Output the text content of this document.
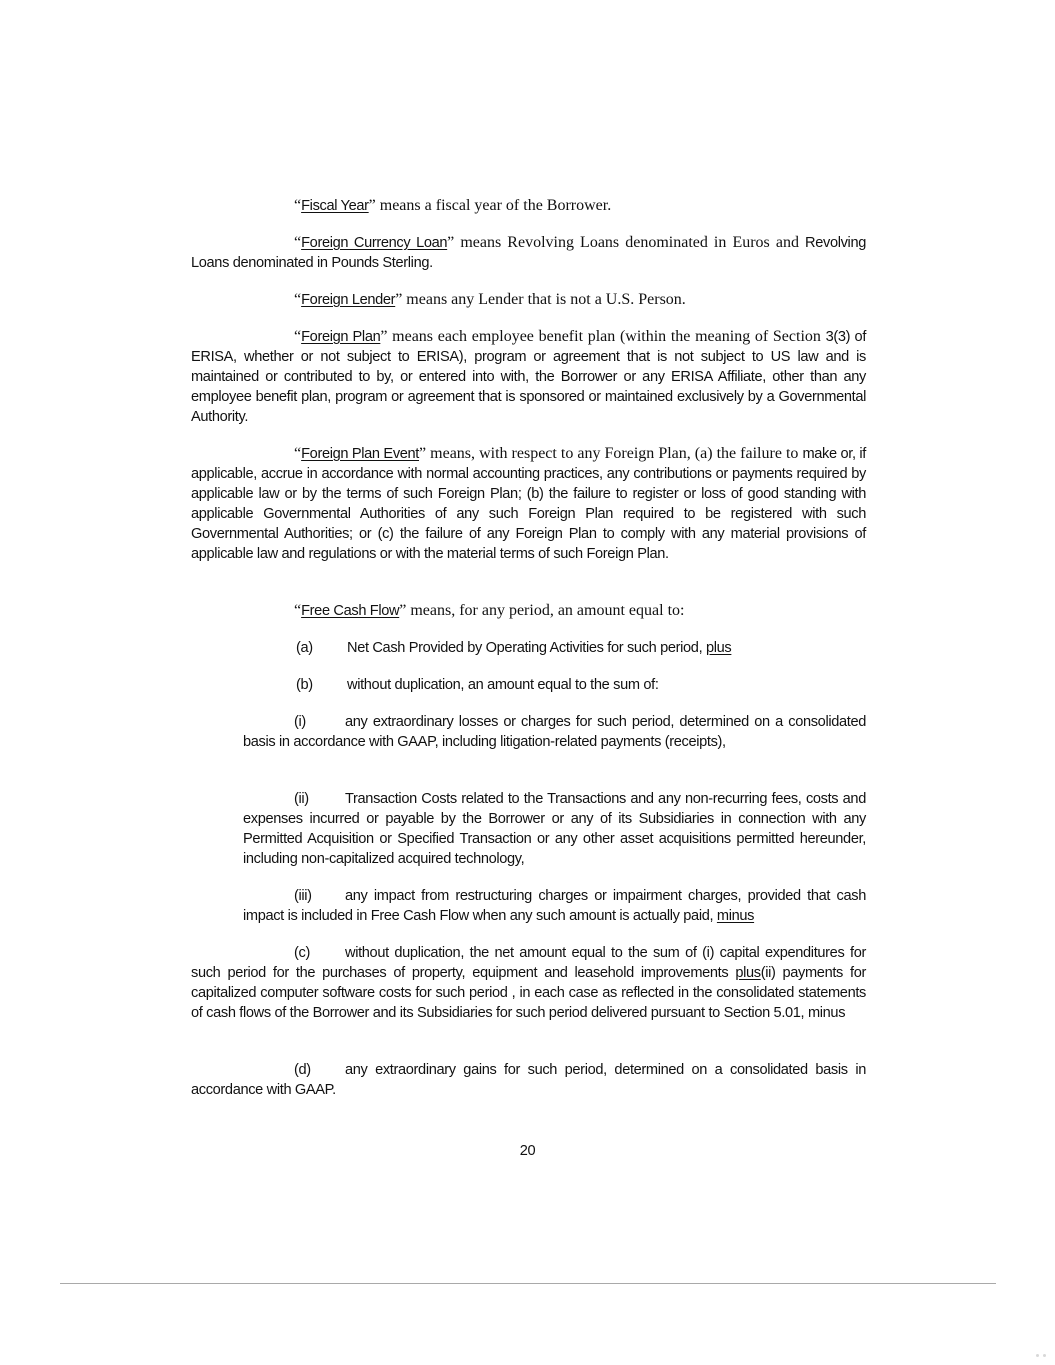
“Fiscal Year” means a fiscal year of the Borrower.

“Foreign Currency Loan” means Revolving Loans denominated in Euros and Revolving Loans denominated in Pounds Sterling.

“Foreign Lender” means any Lender that is not a U.S. Person.

“Foreign Plan” means each employee benefit plan (within the meaning of Section 3(3) of ERISA, whether or not subject to ERISA), program or agreement that is not subject to US law and is maintained or contributed to by, or entered into with, the Borrower or any ERISA Affiliate, other than any employee benefit plan, program or agreement that is sponsored or maintained exclusively by a Governmental Authority.

“Foreign Plan Event” means, with respect to any Foreign Plan, (a) the failure to make or, if applicable, accrue in accordance with normal accounting practices, any contributions or payments required by applicable law or by the terms of such Foreign Plan; (b) the failure to register or loss of good standing with applicable Governmental Authorities of any such Foreign Plan required to be registered with such Governmental Authorities; or (c) the failure of any Foreign Plan to comply with any material provisions of applicable law and regulations or with the material terms of such Foreign Plan.

“Free Cash Flow” means, for any period, an amount equal to:

(a) Net Cash Provided by Operating Activities for such period, plus

(b) without duplication, an amount equal to the sum of:

(i)	any extraordinary losses or charges for such period, determined on a consolidated basis in accordance with GAAP, including litigation-related payments (receipts),

(ii) Transaction Costs related to the Transactions and any non-recurring fees, costs and expenses incurred or payable by the Borrower or any of its Subsidiaries in connection with any Permitted Acquisition or Specified Transaction or any other asset acquisitions permitted hereunder, including non-capitalized acquired technology,

(iii) any impact from restructuring charges or impairment charges, provided that cash impact is included in Free Cash Flow when any such amount is actually paid, minus

(c) without duplication, the net amount equal to the sum of (i) capital expenditures for such period for the purchases of property, equipment and leasehold improvements plus(ii) payments for capitalized computer software costs for such period , in each case as reflected in the consolidated statements of cash flows of the Borrower and its Subsidiaries for such period delivered pursuant to Section 5.01, minus

(d) any extraordinary gains for such period, determined on a consolidated basis in accordance with GAAP.

20
